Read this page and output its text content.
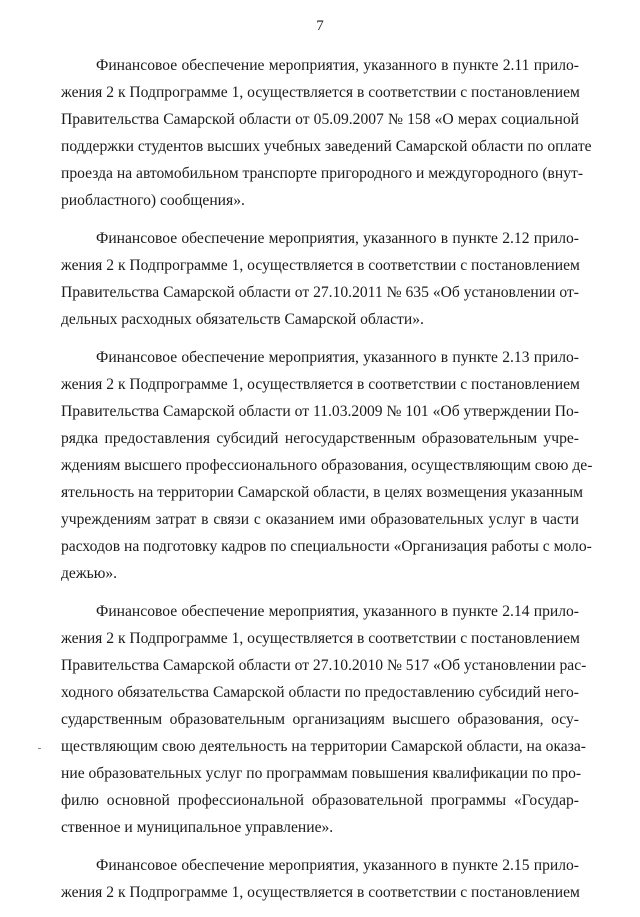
7

Финансовое обеспечение мероприятия, указанного в пункте 2.11 прило-
жения 2 к Подпрограмме 1, осуществляется в соответствии с постановлением
Правительства Самарской области от 05.09.2007 № 158 «О мерах социальной
поддержки студентов высших учебных заведений Самарской области по оплате
проезда на автомобильном транспорте пригородного и междугородного (внут-
риобластного) сообщения».

Финансовое обеспечение мероприятия, указанного в пункте 2.12 прило-
жения 2 к Подпрограмме 1, осуществляется в соответствии с постановлением
Правительства Самарской области от 27.10.2011 № 635 «Об установлении от-
дельных расходных обязательств Самарской области».

Финансовое обеспечение мероприятия, указанного в пункте 2.13 прило-
жения 2 к Подпрограмме 1, осуществляется в соответствии с постановлением
Правительства Самарской области от 11.03.2009 № 101 «Об утверждении По-
рядка предоставления субсидий негосударственным образовательным учре-
ждениям высшего профессионального образования, осуществляющим свою де-
ятельность на территории Самарской области, в целях возмещения указанным
учреждениям затрат в связи с оказанием ими образовательных услуг в части
расходов на подготовку кадров по специальности «Организация работы с моло-
дежью».

Финансовое обеспечение мероприятия, указанного в пункте 2.14 прило-
жения 2 к Подпрограмме 1, осуществляется в соответствии с постановлением
Правительства Самарской области от 27.10.2010 № 517 «Об установлении рас-
ходного обязательства Самарской области по предоставлению субсидий него-
сударственным образовательным организациям высшего образования, осу-
ществляющим свою деятельность на территории Самарской области, на оказа-
ние образовательных услуг по программам повышения квалификации по про-
филю основной профессиональной образовательной программы «Государ-
ственное и муниципальное управление».

Финансовое обеспечение мероприятия, указанного в пункте 2.15 прило-
жения 2 к Подпрограмме 1, осуществляется в соответствии с постановлением
